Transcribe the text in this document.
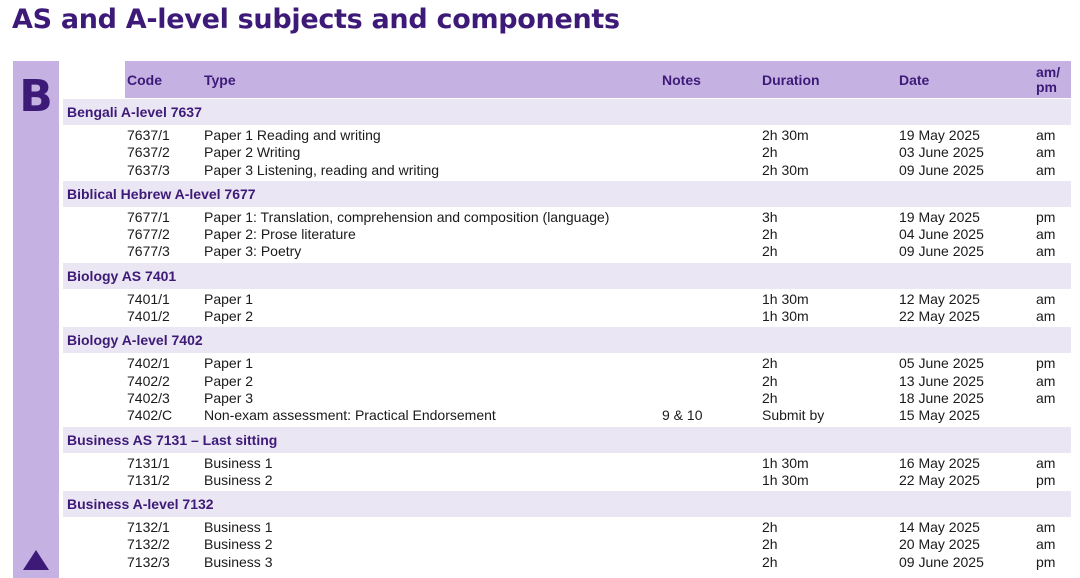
AS and A-level subjects and components
B	Code	Type	Notes	Duration	Date	am/
pm
Bengali A-level 7637
7637/1 Paper 1 Reading and writing	2h 30m	19 May 2025	am
7637/2 Paper 2 Writing	2h	03 June 2025	am
7637/3 Paper 3 Listening, reading and writing	2h 30m	09 June 2025	am
Biblical Hebrew A-level 7677
7677/1 Paper 1: Translation, comprehension and composition (language)	3h	19 May 2025	pm
7677/2 Paper 2: Prose literature	2h	04 June 2025	am
7677/3 Paper 3: Poetry	2h	09 June 2025	am
Biology AS 7401
7401/1 Paper 1	1h 30m	12 May 2025	am
7401/2 Paper 2	1h 30m	22 May 2025	am
Biology A-level 7402
7402/1 Paper 1	2h	05 June 2025	pm
7402/2 Paper 2	2h	13 June 2025	am
7402/3 Paper 3	2h	18 June 2025	am
7402/C Non-exam assessment: Practical Endorsement	9 & 10	Submit by	15 May 2025
Business AS 7131 – Last sitting
7131/1 Business 1	1h 30m	16 May 2025	am
7131/2 Business 2	1h 30m	22 May 2025	pm
Business A-level 7132
7132/1 Business 1	2h	14 May 2025	am
7132/2 Business 2	2h	20 May 2025	am
7132/3 Business 3	2h	09 June 2025	pm
